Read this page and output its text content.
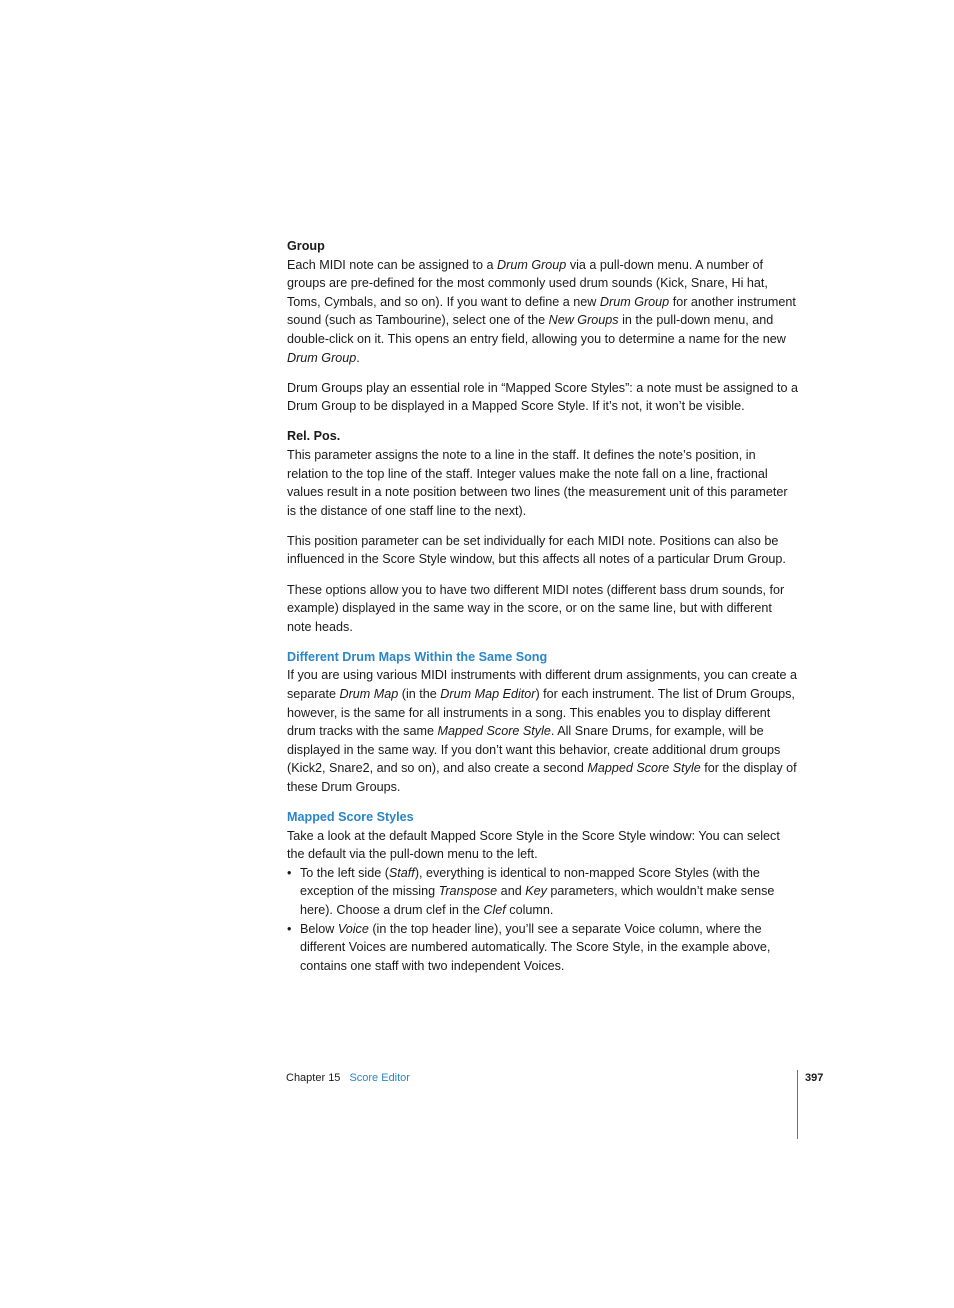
Group

Each MIDI note can be assigned to a Drum Group via a pull-down menu. A number of groups are pre-defined for the most commonly used drum sounds (Kick, Snare, Hi hat, Toms, Cymbals, and so on). If you want to define a new Drum Group for another instrument sound (such as Tambourine), select one of the New Groups in the pull-down menu, and double-click on it. This opens an entry field, allowing you to determine a name for the new Drum Group.

Drum Groups play an essential role in “Mapped Score Styles”: a note must be assigned to a Drum Group to be displayed in a Mapped Score Style. If it’s not, it won’t be visible.

Rel. Pos.

This parameter assigns the note to a line in the staff. It defines the note’s position, in relation to the top line of the staff. Integer values make the note fall on a line, fractional values result in a note position between two lines (the measurement unit of this parameter is the distance of one staff line to the next).

This position parameter can be set individually for each MIDI note. Positions can also be influenced in the Score Style window, but this affects all notes of a particular Drum Group.

These options allow you to have two different MIDI notes (different bass drum sounds, for example) displayed in the same way in the score, or on the same line, but with different note heads.

Different Drum Maps Within the Same Song

If you are using various MIDI instruments with different drum assignments, you can create a separate Drum Map (in the Drum Map Editor) for each instrument. The list of Drum Groups, however, is the same for all instruments in a song. This enables you to display different drum tracks with the same Mapped Score Style. All Snare Drums, for example, will be displayed in the same way. If you don’t want this behavior, create additional drum groups (Kick2, Snare2, and so on), and also create a second Mapped Score Style for the display of these Drum Groups.

Mapped Score Styles

Take a look at the default Mapped Score Style in the Score Style window: You can select the default via the pull-down menu to the left.

• To the left side (Staff), everything is identical to non-mapped Score Styles (with the exception of the missing Transpose and Key parameters, which wouldn’t make sense here). Choose a drum clef in the Clef column.
• Below Voice (in the top header line), you’ll see a separate Voice column, where the different Voices are numbered automatically. The Score Style, in the example above, contains one staff with two independent Voices.
Chapter 15 Score Editor	397
